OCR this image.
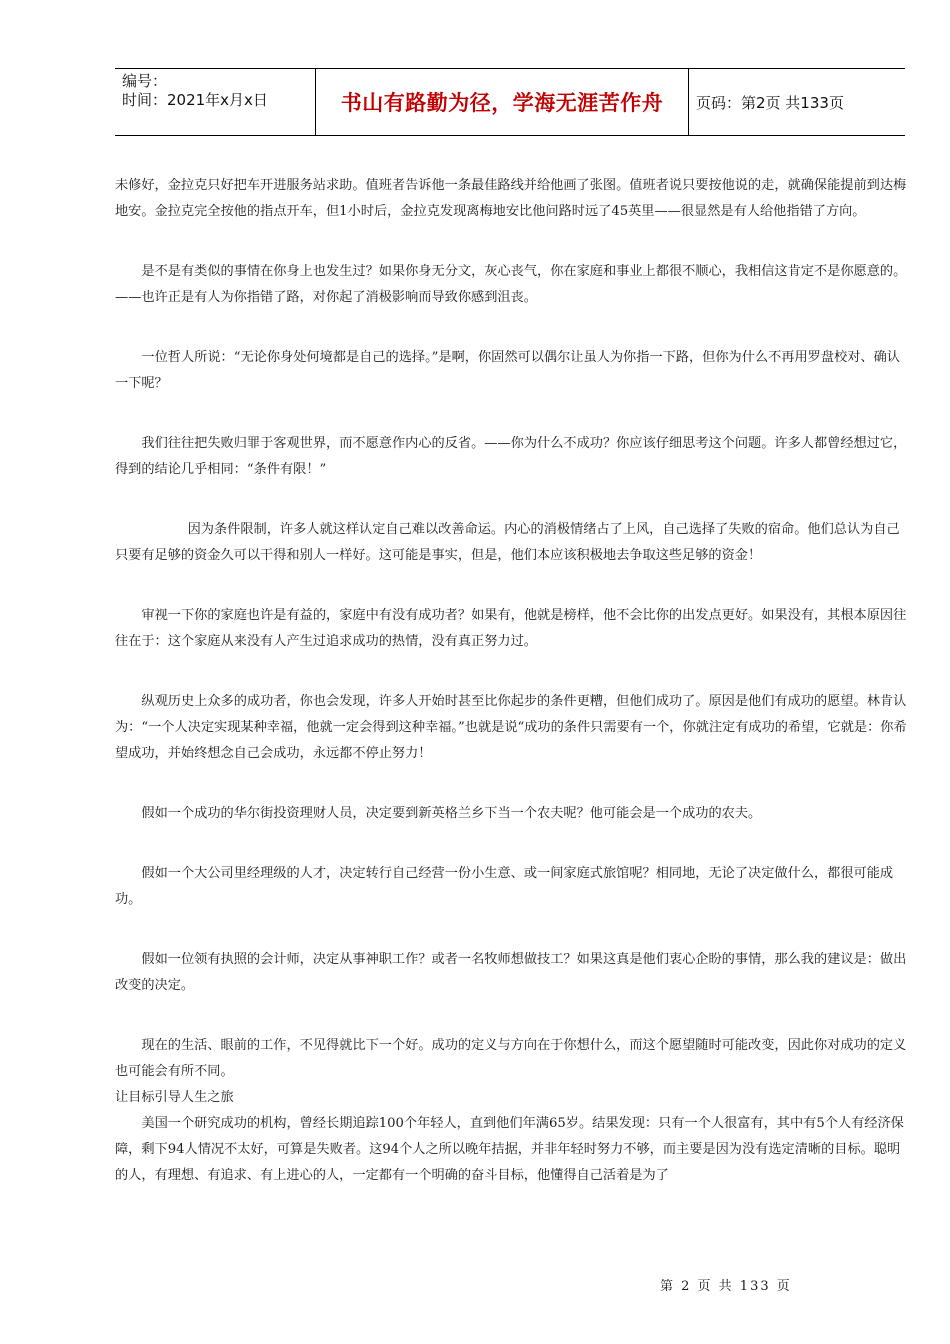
编号：
时间：2021年x月x日	书山有路勤为径，学海无涯苦作舟	页码：第2页 共133页

未修好，金拉克只好把车开进服务站求助。值班者告诉他一条最佳路线并给他画了张图。值班者说只要按他说的走，就确保能提前到达梅地安。金拉克完全按他的指点开车，但1小时后，金拉克发现离梅地安比他问路时远了45英里——很显然是有人给他指错了方向。

是不是有类似的事情在你身上也发生过？如果你身无分文，灰心丧气，你在家庭和事业上都很不顺心，我相信这肯定不是你愿意的。——也许正是有人为你指错了路，对你起了消极影响而导致你感到沮丧。

一位哲人所说：“无论你身处何境都是自己的选择。”是啊，你固然可以偶尔让虽人为你指一下路，但你为什么不再用罗盘校对、确认一下呢？

我们往往把失败归罪于客观世界，而不愿意作内心的反省。——你为什么不成功？你应该仔细思考这个问题。许多人都曾经想过它，得到的结论几乎相同：“条件有限！”

因为条件限制，许多人就这样认定自己难以改善命运。内心的消极情绪占了上风，自己选择了失败的宿命。他们总认为自己只要有足够的资金久可以干得和别人一样好。这可能是事实，但是，他们本应该积极地去争取这些足够的资金！

审视一下你的家庭也许是有益的，家庭中有没有成功者？如果有，他就是榜样，他不会比你的出发点更好。如果没有，其根本原因往往在于：这个家庭从来没有人产生过追求成功的热情，没有真正努力过。

纵观历史上众多的成功者，你也会发现，许多人开始时甚至比你起步的条件更糟，但他们成功了。原因是他们有成功的愿望。林肯认为：“一个人决定实现某种幸福，他就一定会得到这种幸福。”也就是说“成功的条件只需要有一个，你就注定有成功的希望，它就是：你希望成功，并始终想念自己会成功，永远都不停止努力！

假如一个成功的华尔街投资理财人员，决定要到新英格兰乡下当一个农夫呢？他可能会是一个成功的农夫。

假如一个大公司里经理级的人才，决定转行自己经营一份小生意、或一间家庭式旅馆呢？相同地，无论了决定做什么，都很可能成功。

假如一位领有执照的会计师，决定从事神职工作？或者一名牧师想做技工？如果这真是他们衷心企盼的事情，那么我的建议是：做出改变的决定。

现在的生活、眼前的工作，不见得就比下一个好。成功的定义与方向在于你想什么，而这个愿望随时可能改变，因此你对成功的定义也可能会有所不同。

让目标引导人生之旅

美国一个研究成功的机构，曾经长期追踪100个年轻人，直到他们年满65岁。结果发现：只有一个人很富有，其中有5个人有经济保障，剩下94人情况不太好，可算是失败者。这94个人之所以晚年拮据，并非年轻时努力不够，而主要是因为没有选定清晰的目标。聪明的人，有理想、有追求、有上进心的人，一定都有一个明确的奋斗目标，他懂得自己活着是为了

第 2 页 共 133 页
